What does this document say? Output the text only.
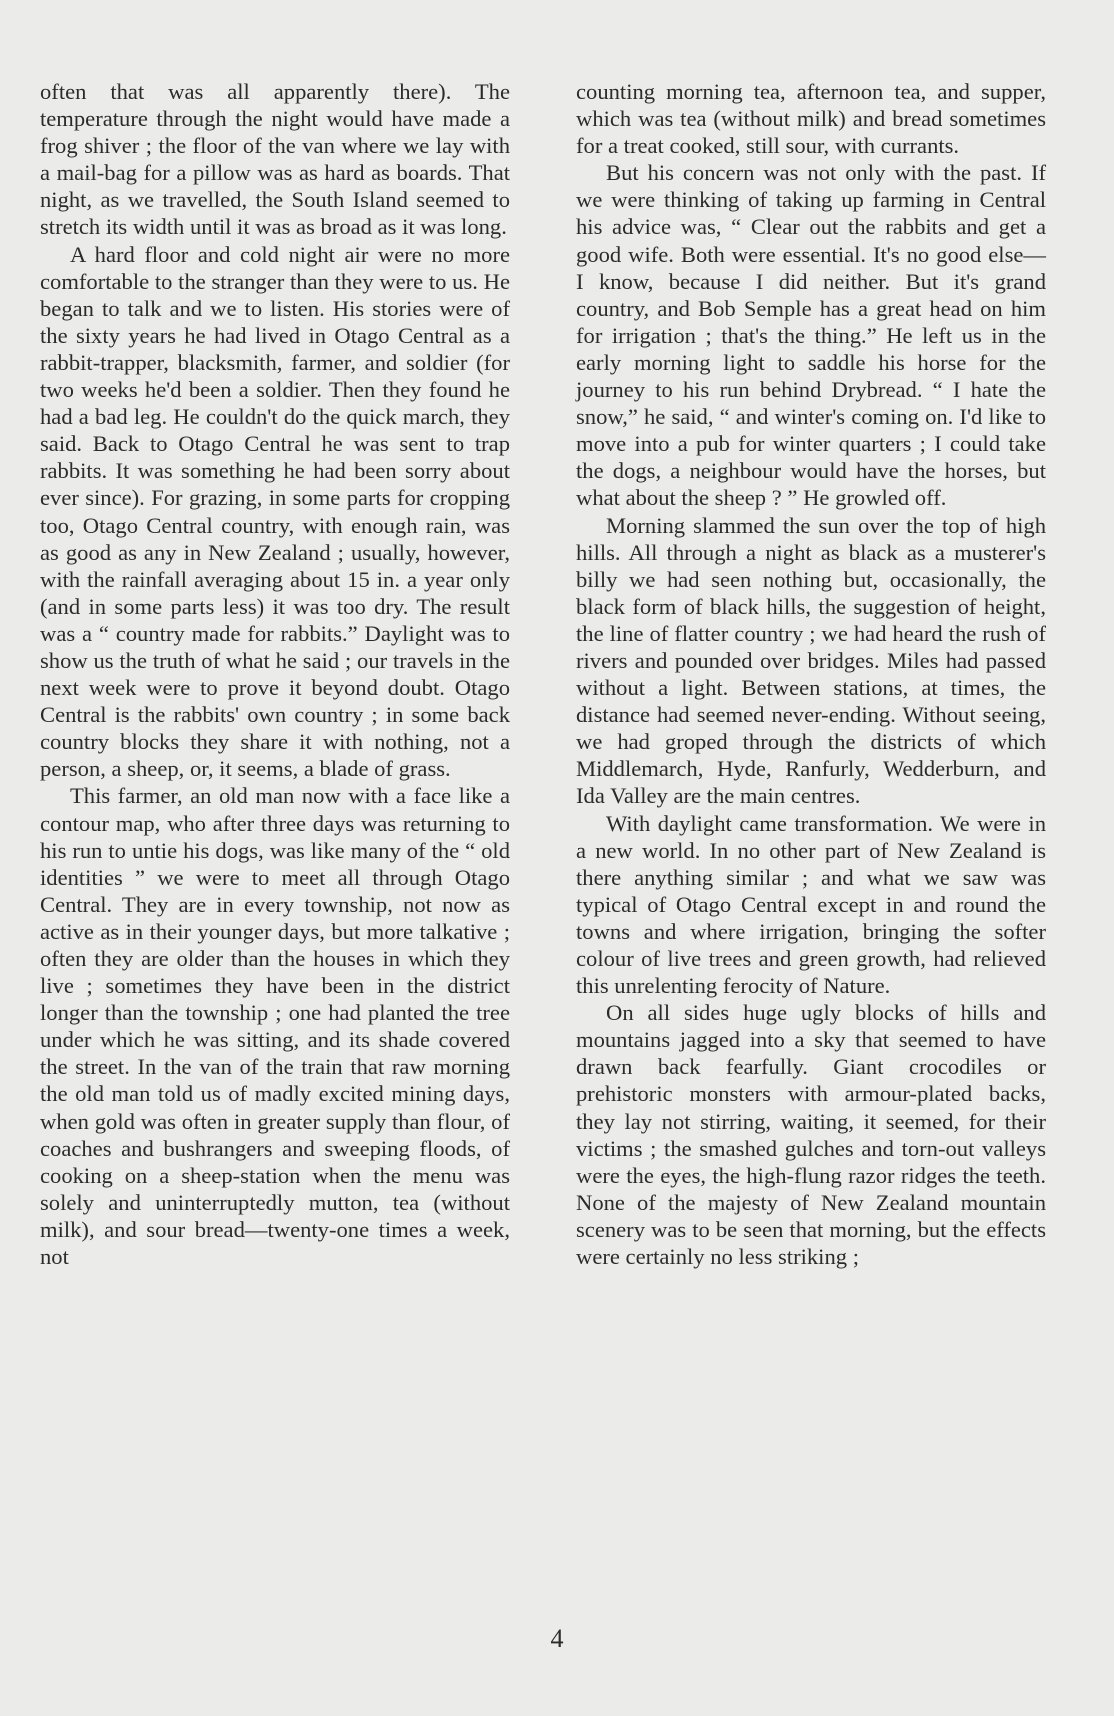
often that was all apparently there). The temperature through the night would have made a frog shiver ; the floor of the van where we lay with a mail-bag for a pillow was as hard as boards. That night, as we travelled, the South Island seemed to stretch its width until it was as broad as it was long.

A hard floor and cold night air were no more comfortable to the stranger than they were to us. He began to talk and we to listen. His stories were of the sixty years he had lived in Otago Central as a rabbit-trapper, blacksmith, farmer, and soldier (for two weeks he'd been a soldier. Then they found he had a bad leg. He couldn't do the quick march, they said. Back to Otago Central he was sent to trap rabbits. It was something he had been sorry about ever since). For grazing, in some parts for cropping too, Otago Central country, with enough rain, was as good as any in New Zealand ; usually, however, with the rainfall averaging about 15 in. a year only (and in some parts less) it was too dry. The result was a “ country made for rabbits.” Daylight was to show us the truth of what he said ; our travels in the next week were to prove it beyond doubt. Otago Central is the rabbits' own country ; in some back country blocks they share it with nothing, not a person, a sheep, or, it seems, a blade of grass.

This farmer, an old man now with a face like a contour map, who after three days was returning to his run to untie his dogs, was like many of the “ old identities ” we were to meet all through Otago Central. They are in every township, not now as active as in their younger days, but more talkative ; often they are older than the houses in which they live ; sometimes they have been in the district longer than the township ; one had planted the tree under which he was sitting, and its shade covered the street. In the van of the train that raw morning the old man told us of madly excited mining days, when gold was often in greater supply than flour, of coaches and bushrangers and sweeping floods, of cooking on a sheep-station when the menu was solely and uninterruptedly mutton, tea (without milk), and sour bread—twenty-one times a week, not

counting morning tea, afternoon tea, and supper, which was tea (without milk) and bread sometimes for a treat cooked, still sour, with currants.

But his concern was not only with the past. If we were thinking of taking up farming in Central his advice was, “ Clear out the rabbits and get a good wife. Both were essential. It's no good else— I know, because I did neither. But it's grand country, and Bob Semple has a great head on him for irrigation ; that's the thing.” He left us in the early morning light to saddle his horse for the journey to his run behind Drybread. “ I hate the snow,” he said, “ and winter's coming on. I'd like to move into a pub for winter quarters ; I could take the dogs, a neighbour would have the horses, but what about the sheep ? ” He growled off.

Morning slammed the sun over the top of high hills. All through a night as black as a musterer's billy we had seen nothing but, occasionally, the black form of black hills, the suggestion of height, the line of flatter country ; we had heard the rush of rivers and pounded over bridges. Miles had passed without a light. Between stations, at times, the distance had seemed never-ending. Without seeing, we had groped through the districts of which Middlemarch, Hyde, Ranfurly, Wedderburn, and Ida Valley are the main centres.

With daylight came transformation. We were in a new world. In no other part of New Zealand is there anything similar ; and what we saw was typical of Otago Central except in and round the towns and where irrigation, bringing the softer colour of live trees and green growth, had relieved this unrelenting ferocity of Nature.

On all sides huge ugly blocks of hills and mountains jagged into a sky that seemed to have drawn back fearfully. Giant crocodiles or prehistoric monsters with armour-plated backs, they lay not stirring, waiting, it seemed, for their victims ; the smashed gulches and torn-out valleys were the eyes, the high-flung razor ridges the teeth. None of the majesty of New Zealand mountain scenery was to be seen that morning, but the effects were certainly no less striking ;

4
